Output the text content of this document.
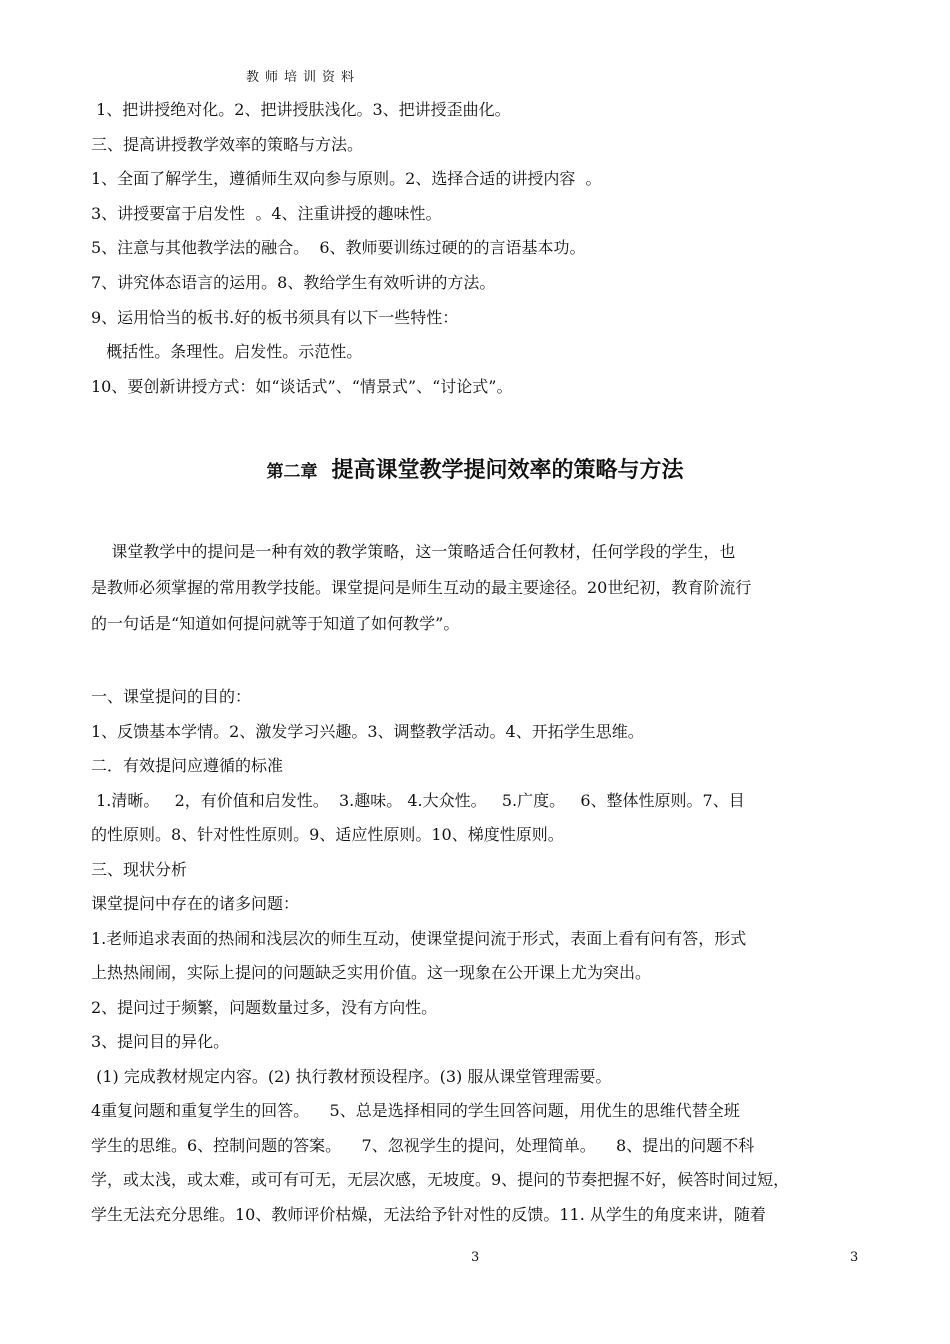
教师培训资料
1、把讲授绝对化。2、把讲授肤浅化。3、把讲授歪曲化。
三、提高讲授教学效率的策略与方法。
1、全面了解学生，遵循师生双向参与原则。2、选择合适的讲授内容  。
3、讲授要富于启发性  。4、注重讲授的趣味性。
5、注意与其他教学法的融合。  6、教师要训练过硬的的言语基本功。
7、讲究体态语言的运用。8、教给学生有效听讲的方法。
9、运用恰当的板书.好的板书须具有以下一些特性：
概括性。条理性。启发性。示范性。
10、要创新讲授方式：如“谈话式”、“情景式”、“讨论式”。
第二章 提高课堂教学提问效率的策略与方法
课堂教学中的提问是一种有效的教学策略，这一策略适合任何教材，任何学段的学生，也
是教师必须掌握的常用教学技能。课堂提问是师生互动的最主要途径。20世纪初，教育阶流行
的一句话是“知道如何提问就等于知道了如何教学”。
一、课堂提问的目的：
1、反馈基本学情。2、激发学习兴趣。3、调整教学活动。4、开拓学生思维。
二．有效提问应遵循的标准
1.清晰。   2，有价值和启发性。  3.趣味。 4.大众性。   5.广度。   6、整体性原则。7、目
的性原则。8、针对性性原则。9、适应性原则。10、梯度性原则。
三、现状分析
课堂提问中存在的诸多问题：
1.老师追求表面的热闹和浅层次的师生互动，使课堂提问流于形式，表面上看有问有答，形式
上热热闹闹，实际上提问的问题缺乏实用价值。这一现象在公开课上尤为突出。
2、提问过于频繁，问题数量过多，没有方向性。
3、提问目的异化。
(1) 完成教材规定内容。(2) 执行教材预设程序。(3) 服从课堂管理需要。
4重复问题和重复学生的回答。    5、总是选择相同的学生回答问题，用优生的思维代替全班
学生的思维。6、控制问题的答案。    7、忽视学生的提问，处理简单。    8、提出的问题不科
学，或太浅，或太难，或可有可无，无层次感，无坡度。9、提问的节奏把握不好，候答时间过短，
学生无法充分思维。10、教师评价枯燥，无法给予针对性的反馈。11. 从学生的角度来讲，随着
3	3
